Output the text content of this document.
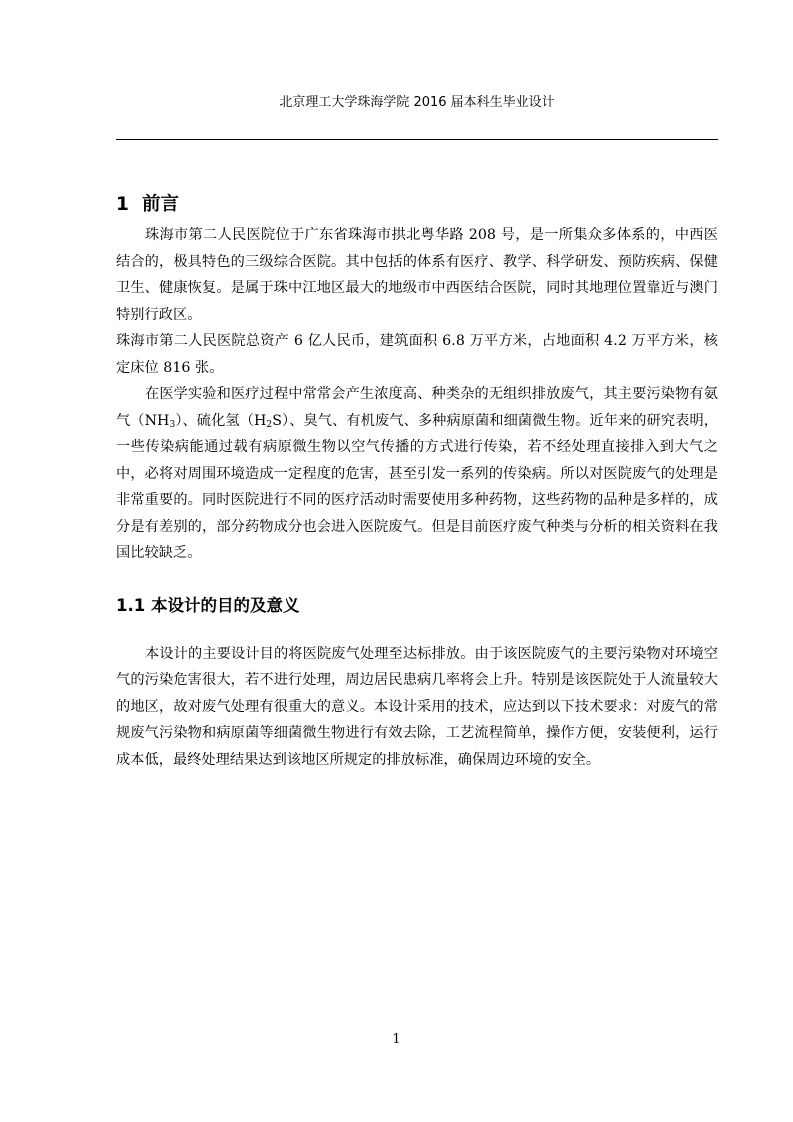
北京理工大学珠海学院 2016 届本科生毕业设计
1 前言

珠海市第二人民医院位于广东省珠海市拱北粤华路 208 号，是一所集众多体系的，中西医结合的，极具特色的三级综合医院。其中包括的体系有医疗、教学、科学研发、预防疾病、保健卫生、健康恢复。是属于珠中江地区最大的地级市中西医结合医院，同时其地理位置靠近与澳门特别行政区。

珠海市第二人民医院总资产 6 亿人民币，建筑面积 6.8 万平方米，占地面积 4.2 万平方米，核定床位 816 张。

在医学实验和医疗过程中常常会产生浓度高、种类杂的无组织排放废气，其主要污染物有氨气$(NH_3)$、硫化氢$(H_2S)$、臭气、有机废气、多种病原菌和细菌微生物。近年来的研究表明，一些传染病能通过载有病原微生物以空气传播的方式进行传染，若不经处理直接排入到大气之中，必将对周围环境造成一定程度的危害，甚至引发一系列的传染病。所以对医院废气的处理是非常重要的。同时医院进行不同的医疗活动时需要使用多种药物，这些药物的品种是多样的，成分是有差别的，部分药物成分也会进入医院废气。但是目前医疗废气种类与分析的相关资料在我国比较缺乏。

1.1 本设计的目的及意义

本设计的主要设计目的将医院废气处理至达标排放。由于该医院废气的主要污染物对环境空气的污染危害很大，若不进行处理，周边居民患病几率将会上升。特别是该医院处于人流量较大的地区，故对废气处理有很重大的意义。本设计采用的技术，应达到以下技术要求：对废气的常规废气污染物和病原菌等细菌微生物进行有效去除，工艺流程简单，操作方便，安装便利，运行成本低，最终处理结果达到该地区所规定的排放标准，确保周边环境的安全。

1
